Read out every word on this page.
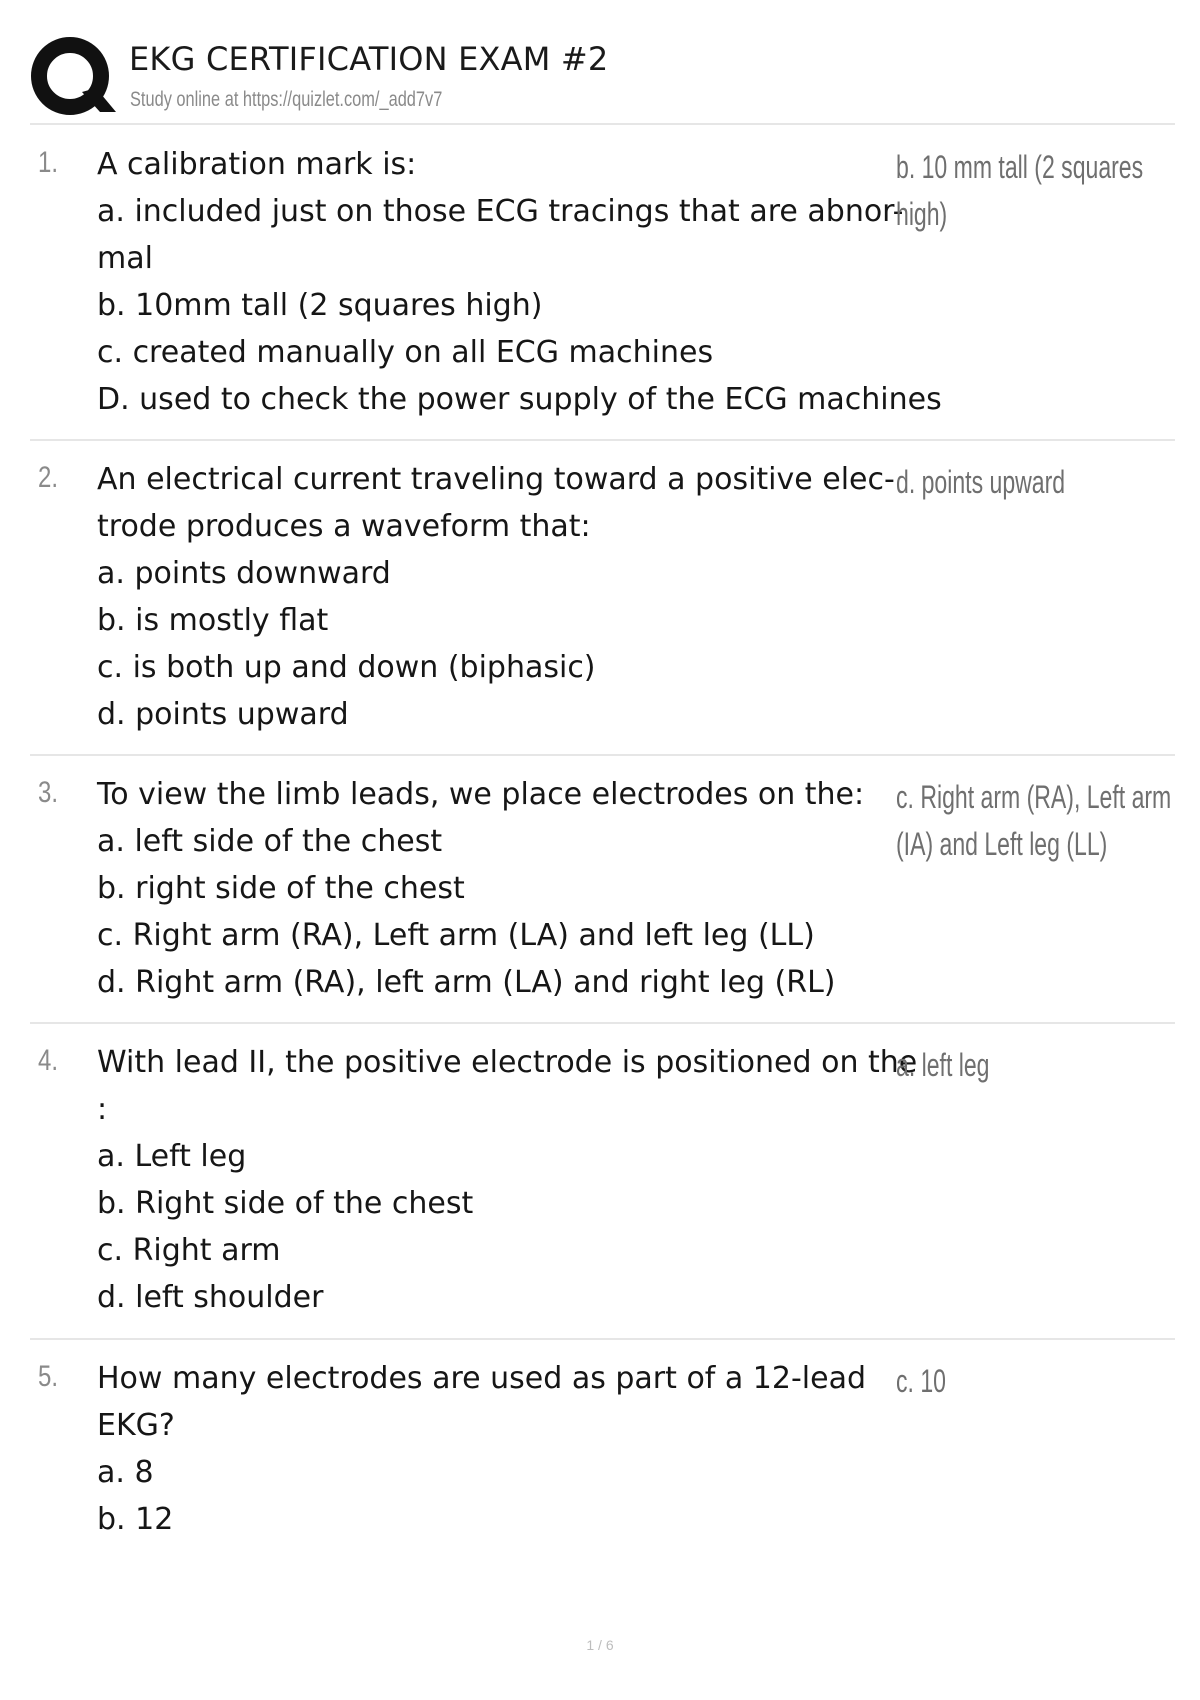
EKG CERTIFICATION EXAM #2
Study online at https://quizlet.com/_add7v7
1. A calibration mark is:
a. included just on those ECG tracings that are abnor-
mal
b. 10mm tall (2 squares high)
c. created manually on all ECG machines
D. used to check the power supply of the ECG machines
b. 10 mm tall (2 squares
high)
2. An electrical current traveling toward a positive elec-
trode produces a waveform that:
a. points downward
b. is mostly flat
c. is both up and down (biphasic)
d. points upward
d. points upward
3. To view the limb leads, we place electrodes on the:
a. left side of the chest
b. right side of the chest
c. Right arm (RA), Left arm (LA) and left leg (LL)
d. Right arm (RA), left arm (LA) and right leg (RL)
c. Right arm (RA), Left arm
(IA) and Left leg (LL)
4. With lead II, the positive electrode is positioned on the
:
a. Left leg
b. Right side of the chest
c. Right arm
d. left shoulder
a. left leg
5. How many electrodes are used as part of a 12-lead
EKG?
a. 8
b. 12
c. 10
1 / 6
